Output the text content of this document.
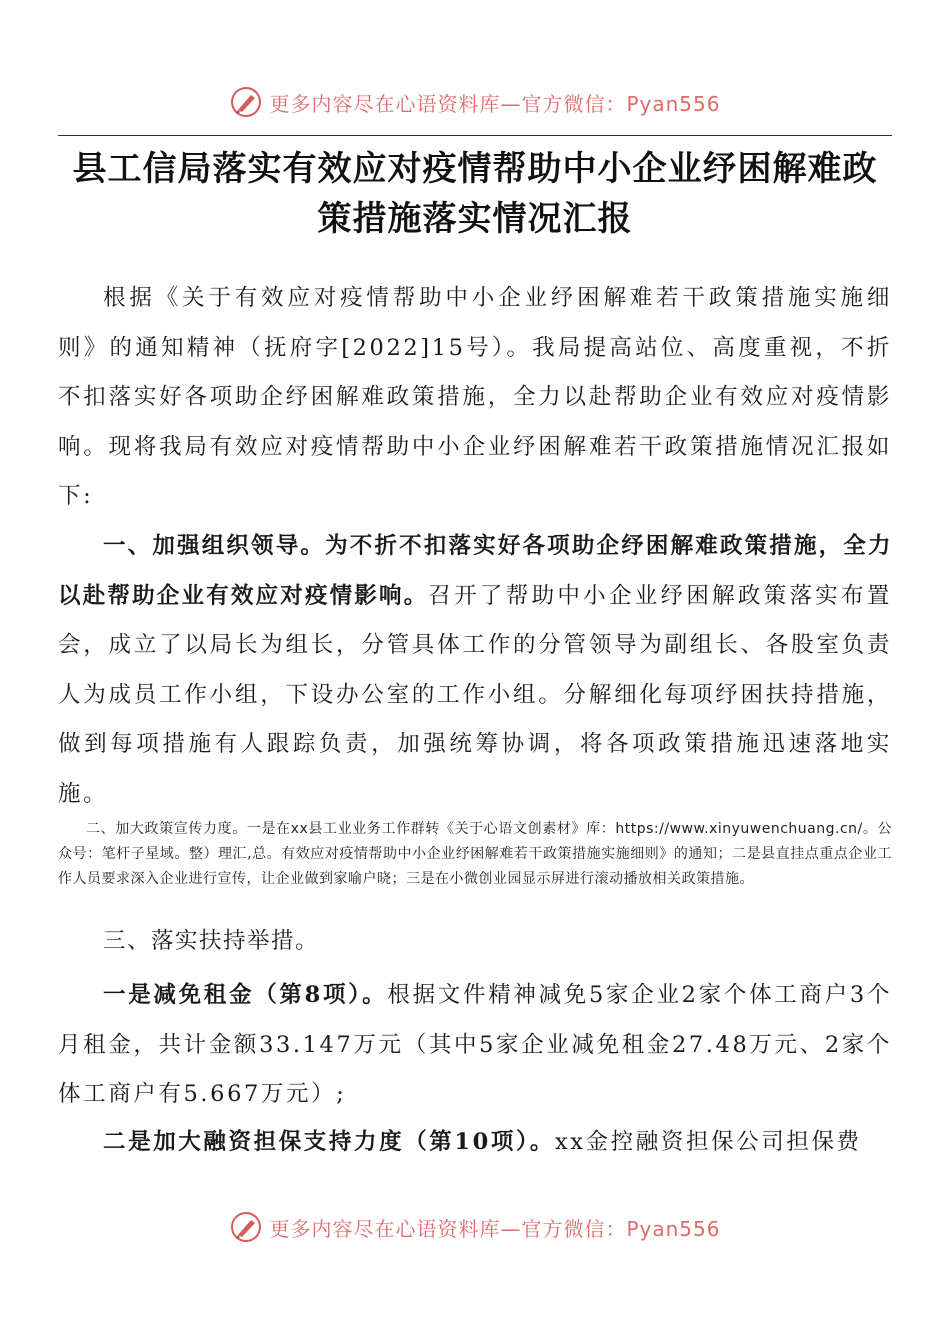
更多内容尽在心语资料库—官方微信：Pyan556
县工信局落实有效应对疫情帮助中小企业纾困解难政
策措施落实情况汇报

根据《关于有效应对疫情帮助中小企业纾困解难若干政策措施实施细则》的通知精神（抚府字[2022]15号）。我局提高站位、高度重视，不折不扣落实好各项助企纾困解难政策措施，全力以赴帮助企业有效应对疫情影响。现将我局有效应对疫情帮助中小企业纾困解难若干政策措施情况汇报如下:

一、加强组织领导。为不折不扣落实好各项助企纾困解难政策措施，全力以赴帮助企业有效应对疫情影响。召开了帮助中小企业纾困解政策落实布置会，成立了以局长为组长，分管具体工作的分管领导为副组长、各股室负责人为成员工作小组，下设办公室的工作小组。分解细化每项纾困扶持措施，做到每项措施有人跟踪负责，加强统筹协调，将各项政策措施迅速落地实施。

二、加大政策宣传力度。一是在xx县工业业务工作群转《关于心语文创素材》库：https://www.xinyuwenchuang.cn/。公众号：笔杆子星域。整）理汇,总。有效应对疫情帮助中小企业纾困解难若干政策措施实施细则》的通知；二是县直挂点重点企业工作人员要求深入企业进行宣传，让企业做到家喻户晓；三是在小微创业园显示屏进行滚动播放相关政策措施。

三、落实扶持举措。

一是减免租金（第8项）。根据文件精神减免5家企业2家个体工商户3个月租金，共计金额33.147万元（其中5家企业减免租金27.48万元、2家个体工商户有5.667万元）;

二是加大融资担保支持力度（第10项）。xx金控融资担保公司担保费

更多内容尽在心语资料库—官方微信：Pyan556
